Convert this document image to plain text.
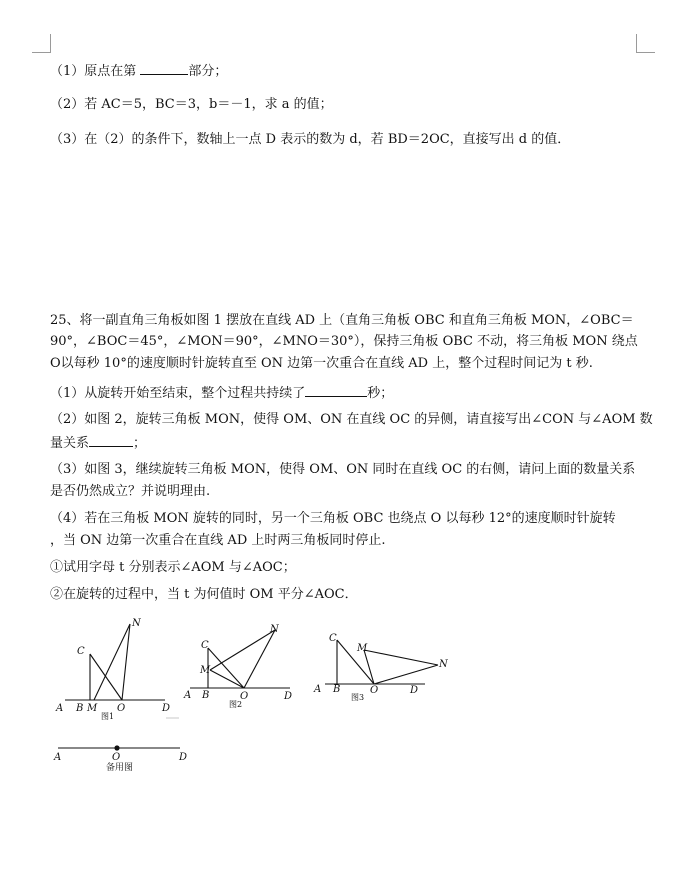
（1）原点在第	部分；
（2）若 AC＝5，BC＝3，b＝－1，求 a 的值；
（3）在（2）的条件下，数轴上一点 D 表示的数为 d，若 BD＝2OC，直接写出 d 的值．
25、将一副直角三角板如图 1 摆放在直线 AD 上（直角三角板 OBC 和直角三角板 MON，∠OBC＝
90°，∠BOC＝45°，∠MON＝90°，∠MNO＝30°），保持三角板 OBC 不动，将三角板 MON 绕点
O以每秒 10°的速度顺时针旋转直至 ON 边第一次重合在直线 AD 上，整个过程时间记为 t 秒.
（1）从旋转开始至结束，整个过程共持续了	秒；
（2）如图 2，旋转三角板 MON，使得 OM、ON 在直线 OC 的异侧，请直接写出∠CON 与∠AOM 数
量关系	；
（3）如图 3，继续旋转三角板 MON，使得 OM、ON 同时在直线 OC 的右侧，请问上面的数量关系
是否仍然成立？并说明理由.
（4）若在三角板 MON 旋转的同时，另一个三角板 OBC 也绕点 O 以每秒 12°的速度顺时针旋转
，当 ON 边第一次重合在直线 AD 上时两三角板同时停止.
①试用字母 t 分别表示∠AOM 与∠AOC；
②在旋转的过程中，当 t 为何值时 OM 平分∠AOC．
A B M O	D
C
N
图1
A B	O	D
C
M
N
图2
A B	O	D
C
M
N
图3
A	O	D
备用图
